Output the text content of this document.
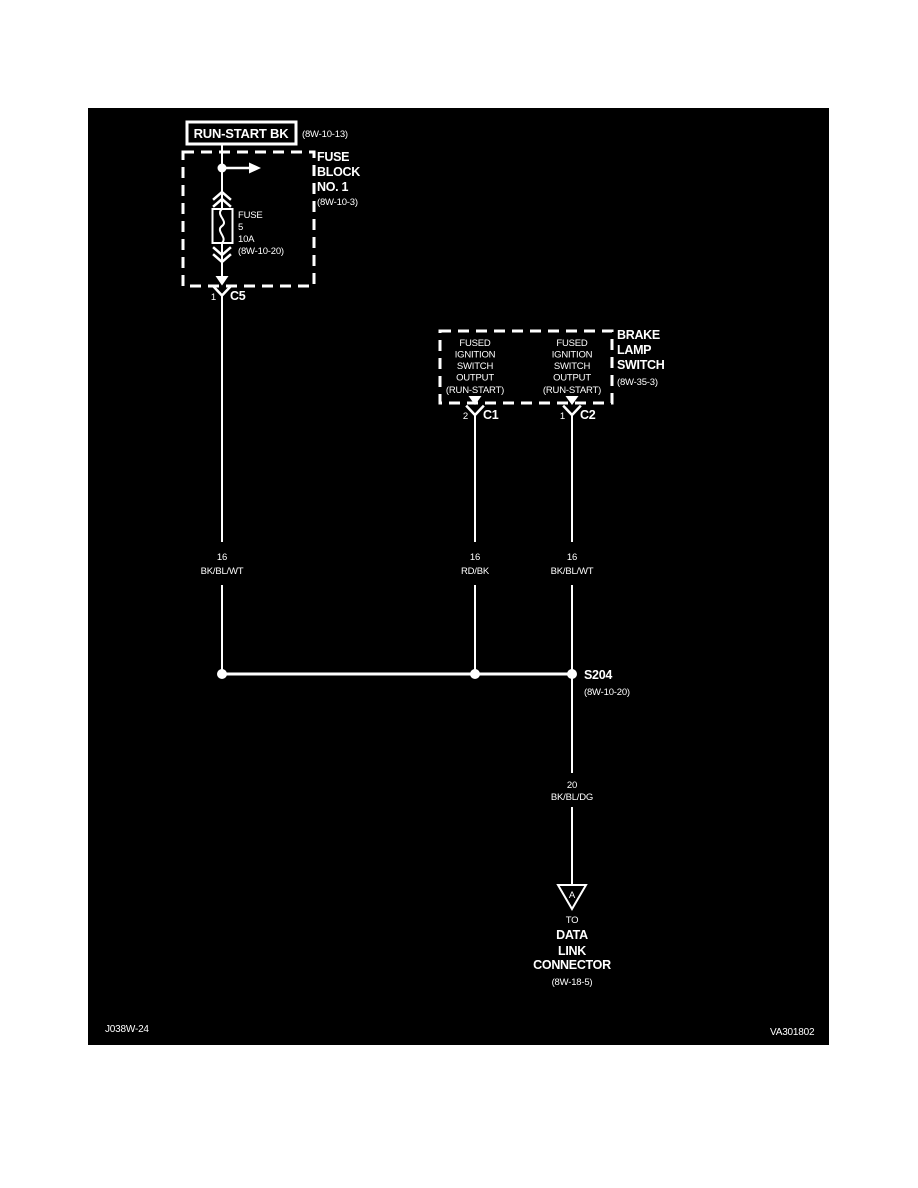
RUN-START BK (8W-10-13)
FUSE
BLOCK
NO. 1
(8W-10-3)
FUSE
5
10A
(8W-10-20)
1 C5
16
BK/BL/WT
FUSED
IGNITION
SWITCH
OUTPUT
(RUN-START)
FUSED
IGNITION
SWITCH
OUTPUT
(RUN-START)
BRAKE
LAMP
SWITCH
(8W-35-3)
2 C1	1 C2
16
RD/BK
16
BK/BL/WT
S204
(8W-10-20)
20
BK/BL/DG
A
TO
DATA
LINK
CONNECTOR
(8W-18-5)
J038W-24	VA301802
